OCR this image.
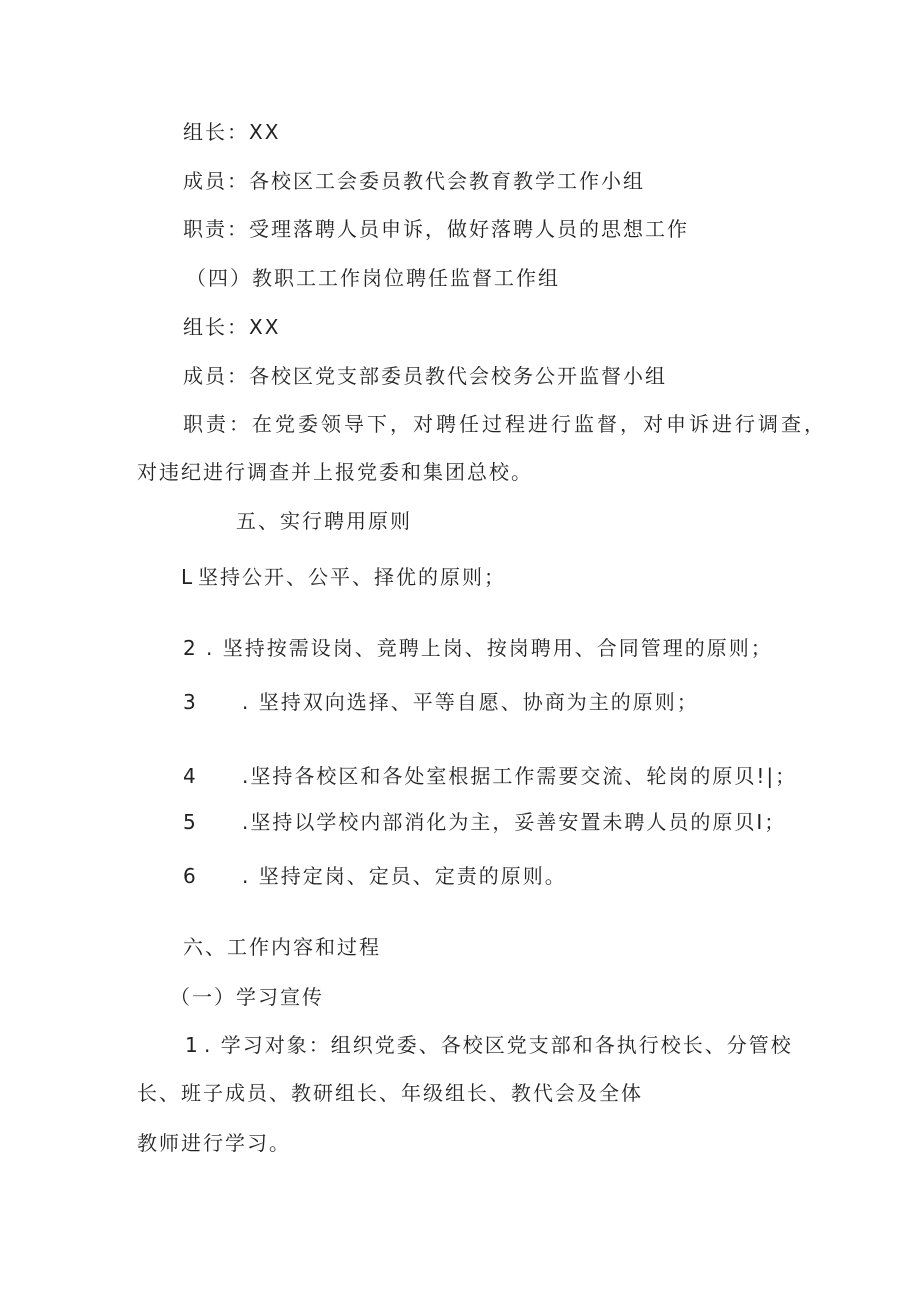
组长：XX
成员：各校区工会委员教代会教育教学工作小组
职责：受理落聘人员申诉，做好落聘人员的思想工作
（四）教职工工作岗位聘任监督工作组
组长：XX
成员：各校区党支部委员教代会校务公开监督小组
职责：在党委领导下，对聘任过程进行监督，对申诉进行调查，
对违纪进行调查并上报党委和集团总校。
五、实行聘用原则
L 坚持公开、公平、择优的原则；
2 . 坚持按需设岗、竞聘上岗、按岗聘用、合同管理的原则；
3 . 坚持双向选择、平等自愿、协商为主的原则；
4 .坚持各校区和各处室根据工作需要交流、轮岗的原贝!|；
5 .坚持以学校内部消化为主，妥善安置未聘人员的原贝I；
6 . 坚持定岗、定员、定责的原则。
六、工作内容和过程
（一）学习宣传
1 . 学习对象：组织党委、各校区党支部和各执行校长、分管校
长、班子成员、教研组长、年级组长、教代会及全体
教师进行学习。
